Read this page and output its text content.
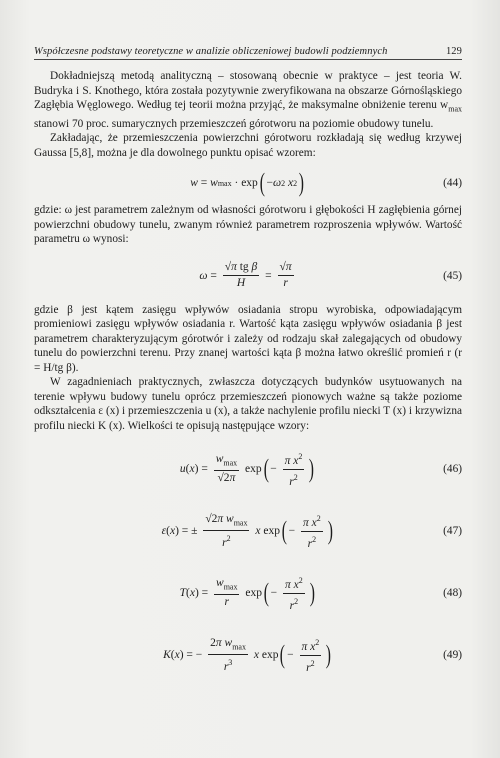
Współczesne podstawy teoretyczne w analizie obliczeniowej budowli podziemnych	129

Dokładniejszą metodą analityczną – stosowaną obecnie w praktyce – jest teoria W. Budryka i S. Knothego, która została pozytywnie zweryfikowana na obszarze Górnośląskiego Zagłębia Węglowego. Według tej teorii można przyjąć, że maksymalne obniżenie terenu $w_{max}$ stanowi 70 proc. sumarycznych przemieszczeń górotworu na poziomie obudowy tunelu.

Zakładając, że przemieszczenia powierzchni górotworu rozkładają się według krzywej Gaussa [5,8], można je dla dowolnego punktu opisać wzorem:

w = w max · exp ( − ω 2
x 2 )	(44)

gdzie: ω jest parametrem zależnym od własności górotworu i głębokości H zagłębienia górnej powierzchni obudowy tunelu, zwanym również parametrem rozproszenia wpływów. Wartość parametru ω wynosi:

$\omega = \frac{\text{√π tg β}}{H} = \frac{√\pi}{r}$	(45)

gdzie β jest kątem zasięgu wpływów osiadania stropu wyrobiska, odpowiadającym promieniowi zasięgu wpływów osiadania r. Wartość kąta zasięgu wpływów osiadania β jest parametrem charakteryzującym górotwór i zależy od rodzaju skał zalegających od obudowy tunelu do powierzchni terenu. Przy znanej wartości kąta β można łatwo określić promień r (r = H/tg β).

W zagadnieniach praktycznych, zwłaszcza dotyczących budynków usytuowanych na terenie wpływu budowy tunelu oprócz przemieszczeń pionowych ważne są także poziome odkształcenia ε (x) i przemieszczenia u (x), a także nachylenie profilu niecki T (x) i krzywizna profilu niecki K (x). Wielkości te opisują następujące wzory:

u ( x ) = $\frac{w_{max}}{√2\pi}$ exp ( − $\frac{\pi x^2}{r^2}$ )	(46)
ε ( x ) = ± $\frac{√2\pi w_{max}}{r^2}$
x exp ( − $\frac{\pi x^2}{r^2}$ )	(47)
T ( x ) = $\frac{w_{max}}{r}$ exp ( − $\frac{\pi x^2}{r^2}$ )	(48)
K ( x ) = − $\frac{2\pi w_{max}}{r^3}$
x exp ( − $\frac{\pi x^2}{r^2}$ )	(49)
